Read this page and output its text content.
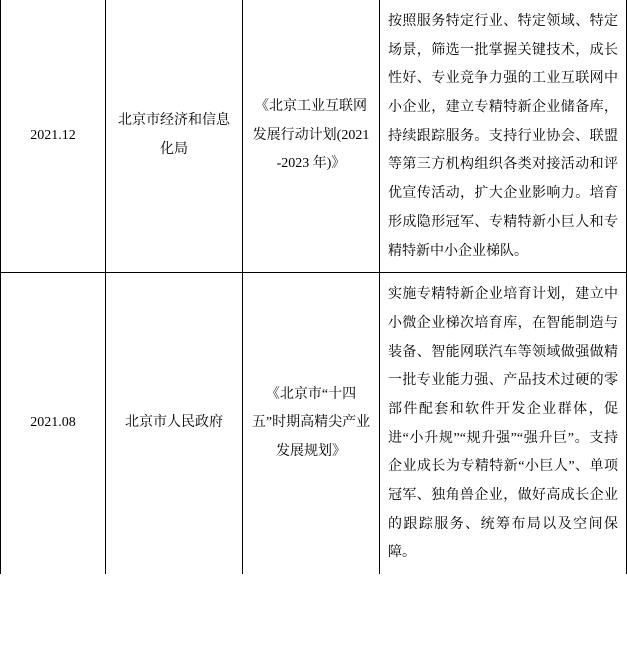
2021.12	北京市经济和信息化局	《北京工业互联网发展行动计划(2021-2023 年)》	按照服务特定行业、特定领域、特定场景，筛选一批掌握关键技术，成长性好、专业竞争力强的工业互联网中小企业，建立专精特新企业储备库，持续跟踪服务。支持行业协会、联盟等第三方机构组织各类对接活动和评优宣传活动，扩大企业影响力。培育形成隐形冠军、专精特新小巨人和专精特新中小企业梯队。
2021.08	北京市人民政府	《北京市“十四五”时期高精尖产业发展规划》	实施专精特新企业培育计划，建立中小微企业梯次培育库，在智能制造与装备、智能网联汽车等领域做强做精一批专业能力强、产品技术过硬的零部件配套和软件开发企业群体，促进“小升规”“规升强”“强升巨”。支持企业成长为专精特新“小巨人”、单项冠军、独角兽企业，做好高成长企业的跟踪服务、统筹布局以及空间保障。
